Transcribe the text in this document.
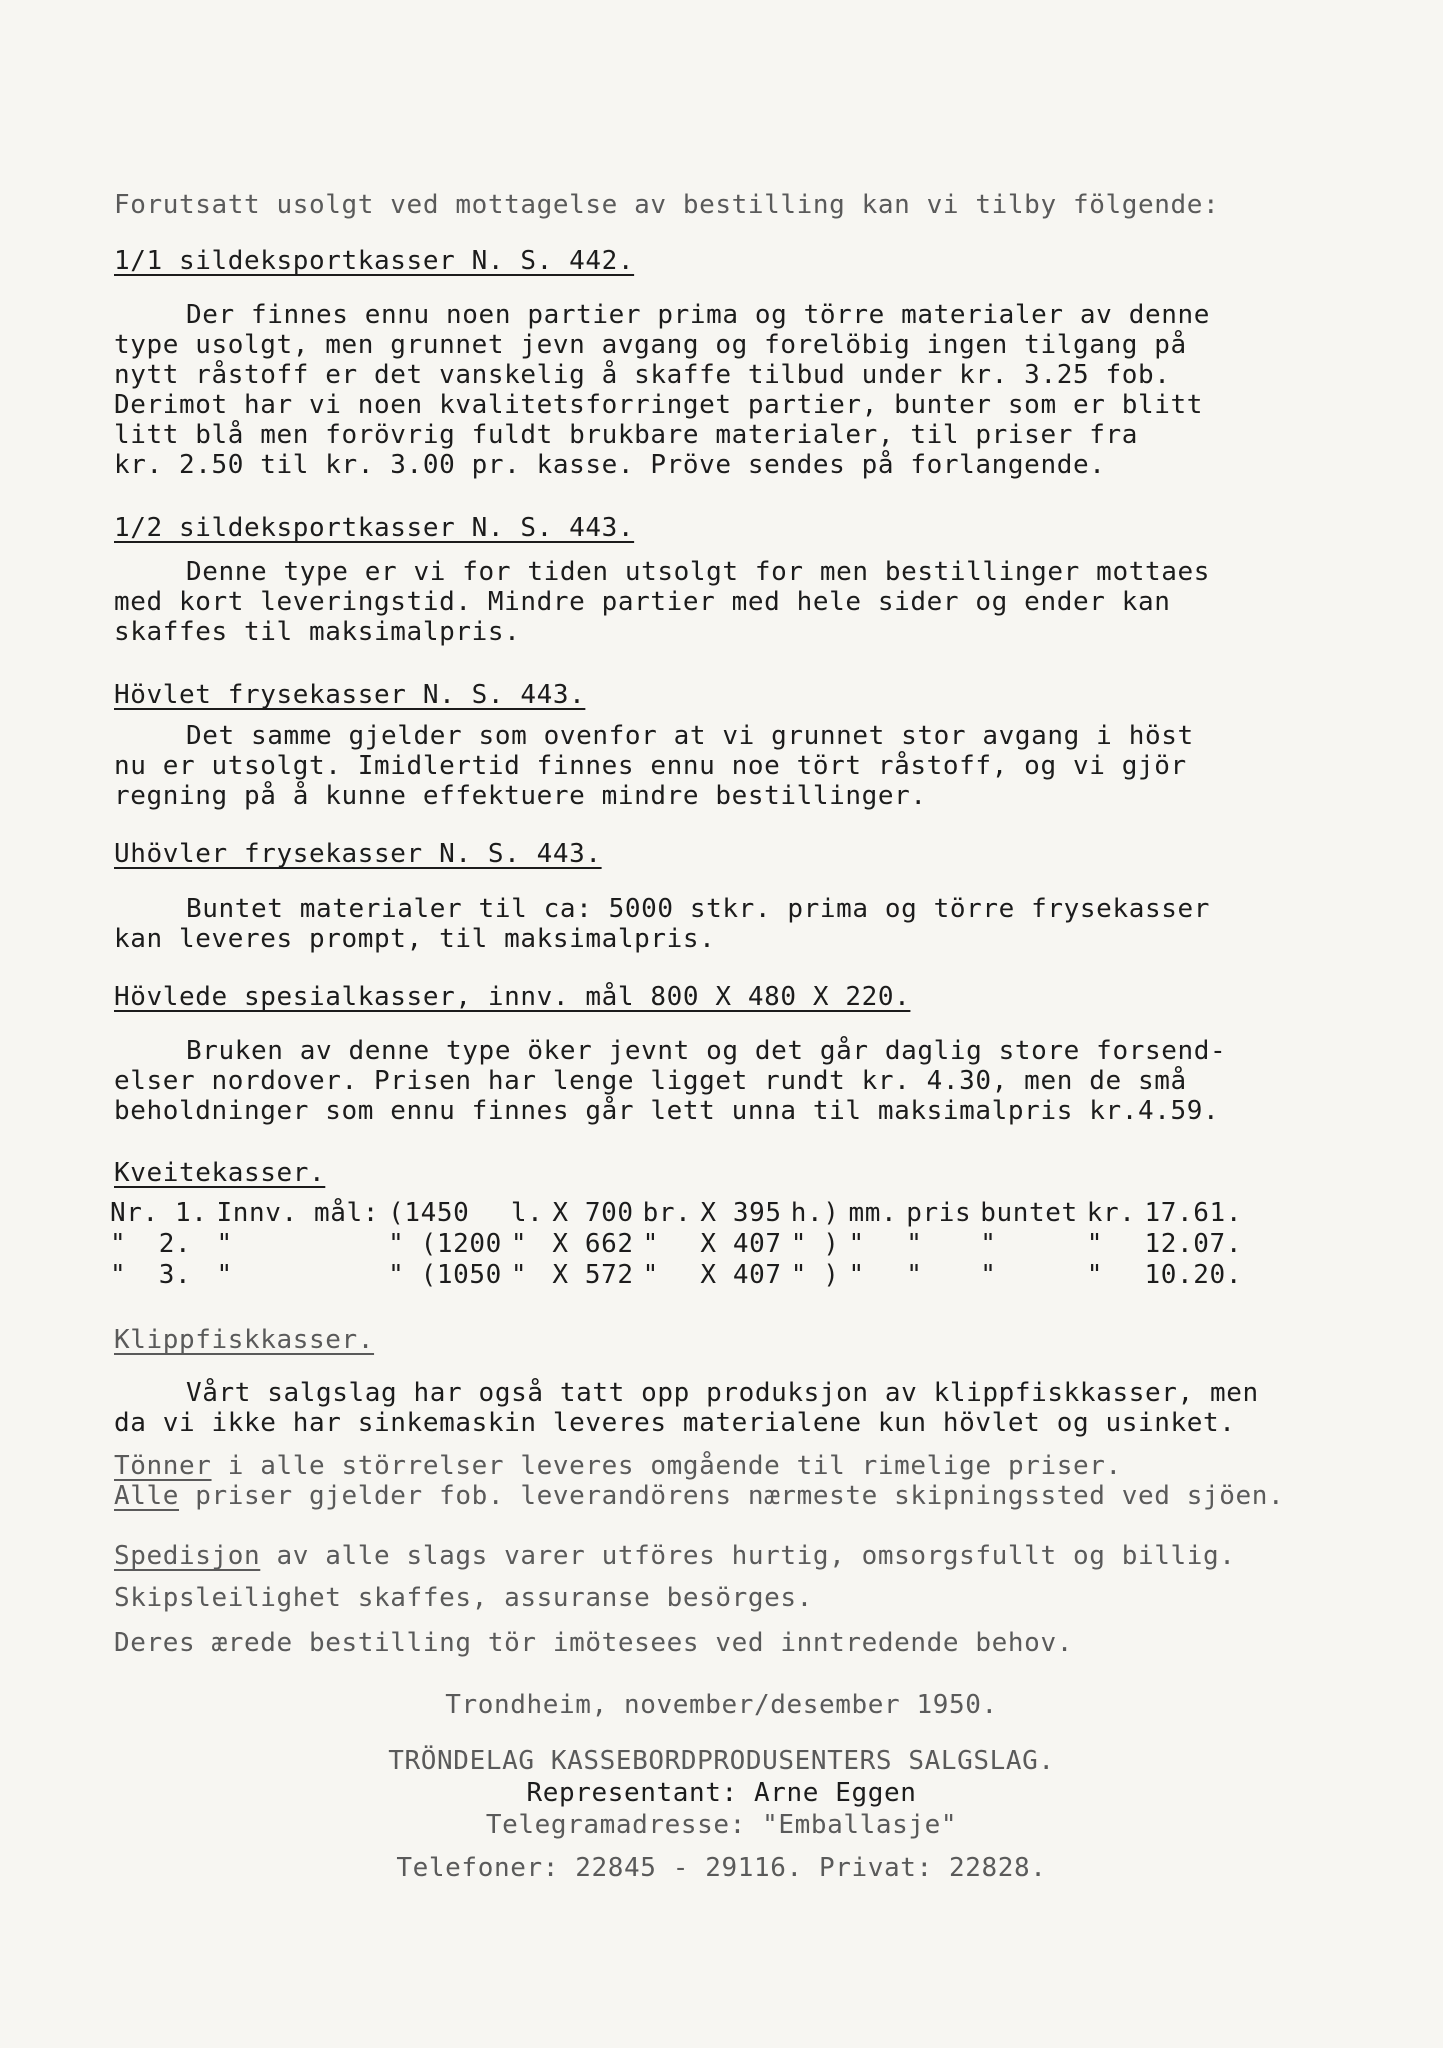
Forutsatt usolgt ved mottagelse av bestilling kan vi tilby fölgende:

1/1 sildeksportkasser N. S. 442.

Der finnes ennu noen partier prima og törre materialer av denne

type usolgt, men grunnet jevn avgang og forelöbig ingen tilgang på

nytt råstoff er det vanskelig å skaffe tilbud under kr. 3.25 fob.

Derimot har vi noen kvalitetsforringet partier, bunter som er blitt

litt blå men forövrig fuldt brukbare materialer, til priser fra

kr. 2.50 til kr. 3.00 pr. kasse. Pröve sendes på forlangende.

1/2 sildeksportkasser N. S. 443.

Denne type er vi for tiden utsolgt for men bestillinger mottaes

med kort leveringstid. Mindre partier med hele sider og ender kan

skaffes til maksimalpris.

Hövlet frysekasser N. S. 443.

Det samme gjelder som ovenfor at vi grunnet stor avgang i höst

nu er utsolgt. Imidlertid finnes ennu noe tört råstoff, og vi gjör

regning på å kunne effektuere mindre bestillinger.

Uhövler frysekasser N. S. 443.

Buntet materialer til ca: 5000 stkr. prima og törre frysekasser

kan leveres prompt, til maksimalpris.

Hövlede spesialkasser, innv. mål 800 X 480 X 220.

Bruken av denne type öker jevnt og det går daglig store forsend-

elser nordover. Prisen har lenge ligget rundt kr. 4.30, men de små

beholdninger som ennu finnes går lett unna til maksimalpris kr.4.59.

Kveitekasser.

Nr. 1.	Innv. mål:	(1450	l.	X 700	br.	X 395	h.)	mm.	pris	buntet	kr.	17.61.
"  2.	"	" (1200	"	X 662	"	X 407	" )	"	"	"	"	12.07.
"  3.	"	" (1050	"	X 572	"	X 407	" )	"	"	"	"	10.20.

Klippfiskkasser.

Vårt salgslag har også tatt opp produksjon av klippfiskkasser, men

da vi ikke har sinkemaskin leveres materialene kun hövlet og usinket.

Tönner i alle störrelser leveres omgående til rimelige priser.

Alle priser gjelder fob. leverandörens nærmeste skipningssted ved sjöen.

Spedisjon av alle slags varer utföres hurtig, omsorgsfullt og billig.

Skipsleilighet skaffes, assuranse besörges.

Deres ærede bestilling tör imötesees ved inntredende behov.

Trondheim, november/desember 1950.

TRÖNDELAG KASSEBORDPRODUSENTERS SALGSLAG.

Representant: Arne Eggen

Telegramadresse: "Emballasje"

Telefoner: 22845 - 29116. Privat: 22828.
